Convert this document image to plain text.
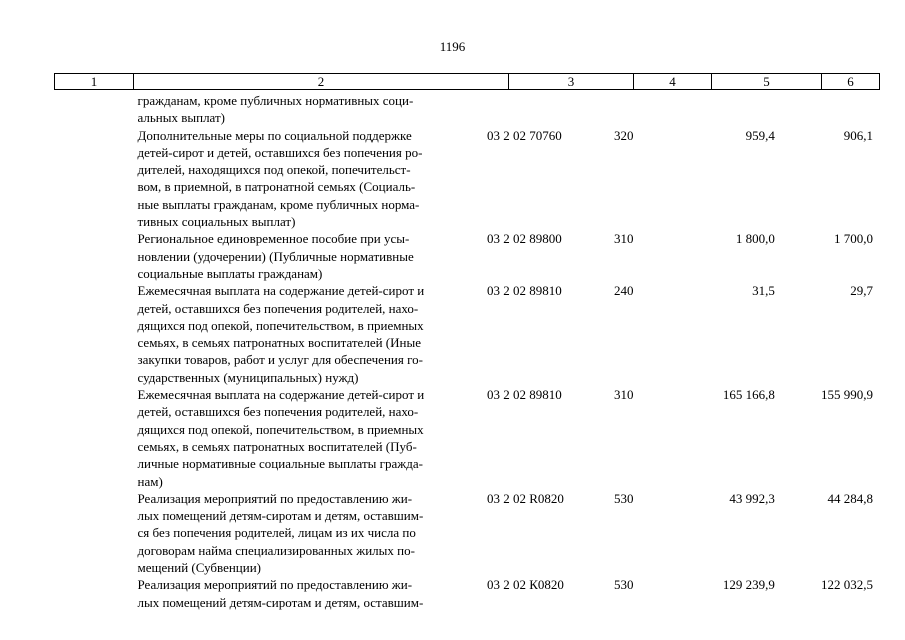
1196
1	2	3	4	5	6
гражданам, кроме публичных нормативных соци-
альных выплат)
Дополнительные меры по социальной поддержке
детей-сирот и детей, оставшихся без попечения ро-
дителей, находящихся под опекой, попечительст-
вом, в приемной, в патронатной семьях (Социаль-
ные выплаты гражданам, кроме публичных норма-
тивных социальных выплат)
03 2 02 70760	320	959,4	906,1
Региональное единовременное пособие при усы-
новлении (удочерении) (Публичные нормативные
социальные выплаты гражданам)
03 2 02 89800	310	1 800,0	1 700,0
Ежемесячная выплата на содержание детей-сирот и
детей, оставшихся без попечения родителей, нахо-
дящихся под опекой, попечительством, в приемных
семьях, в семьях патронатных воспитателей (Иные
закупки товаров, работ и услуг для обеспечения го-
сударственных (муниципальных) нужд)
03 2 02 89810	240	31,5	29,7
Ежемесячная выплата на содержание детей-сирот и
детей, оставшихся без попечения родителей, нахо-
дящихся под опекой, попечительством, в приемных
семьях, в семьях патронатных воспитателей (Пуб-
личные нормативные социальные выплаты гражда-
нам)
03 2 02 89810	310	165 166,8	155 990,9
Реализация мероприятий по предоставлению жи-
лых помещений детям-сиротам и детям, оставшим-
ся без попечения родителей, лицам из их числа по
договорам найма специализированных жилых по-
мещений (Субвенции)
03 2 02 R0820	530	43 992,3	44 284,8
Реализация мероприятий по предоставлению жи-
лых помещений детям-сиротам и детям, оставшим-
03 2 02 К0820	530	129 239,9	122 032,5
